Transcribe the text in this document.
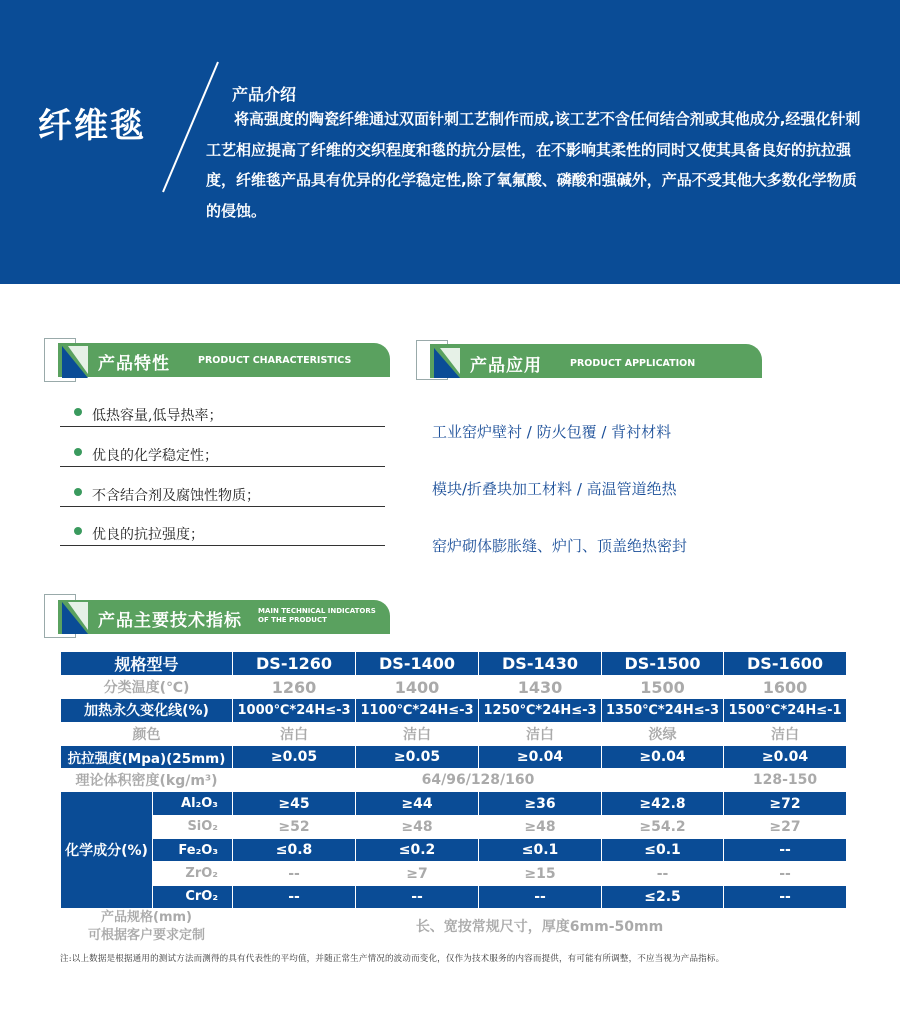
纤维毯
产品介绍
将高强度的陶瓷纤维通过双面针刺工艺制作而成,该工艺不含任何结合剂或其他成分,经强化针刺工艺相应提高了纤维的交织程度和毯的抗分层性，在不影响其柔性的同时又使其具备良好的抗拉强度，纤维毯产品具有优异的化学稳定性,除了氧氟酸、磷酸和强碱外，产品不受其他大多数化学物质的侵蚀。
产品特性	PRODUCT CHARACTERISTICS
低热容量,低导热率；
优良的化学稳定性；
不含结合剂及腐蚀性物质；
优良的抗拉强度；
产品应用	PRODUCT APPLICATION
工业窑炉壁衬 / 防火包覆 / 背衬材料
模块/折叠块加工材料 / 高温管道绝热
窑炉砌体膨胀缝、炉门、顶盖绝热密封
产品主要技术指标 MAIN TECHNICAL INDICATORS
OF THE PRODUCT
规格型号		DS-1260	DS-1400	DS-1430	DS-1500	DS-1600
分类温度(℃)		1260	1400	1430	1500	1600
加热永久变化线(%)		1000℃*24H≤-3	1100℃*24H≤-3	1250℃*24H≤-3	1350℃*24H≤-3	1500℃*24H≤-1
颜色		洁白	洁白	洁白	淡绿	洁白
抗拉强度(Mpa)(25mm)		≥0.05	≥0.05	≥0.04	≥0.04	≥0.04
理论体积密度(kg/m³)		64/96/128/160				128-150
化学成分(%)	Al₂O₃	≥45	≥44	≥36	≥42.8	≥72
	SiO₂	≥52	≥48	≥48	≥54.2	≥27
	Fe₂O₃	≤0.8	≤0.2	≤0.1	≤0.1	--
	ZrO₂	--	≥7	≥15	--	--
	CrO₂	--	--	--	≤2.5	--

产品规格(mm)
可根据客户要求定制		长、宽按常规尺寸，厚度6mm-50mm				
注:以上数据是根据通用的测试方法而测得的具有代表性的平均值，并随正常生产情况的波动而变化，仅作为技术服务的内容而提供，有可能有所调整，不应当视为产品指标。
